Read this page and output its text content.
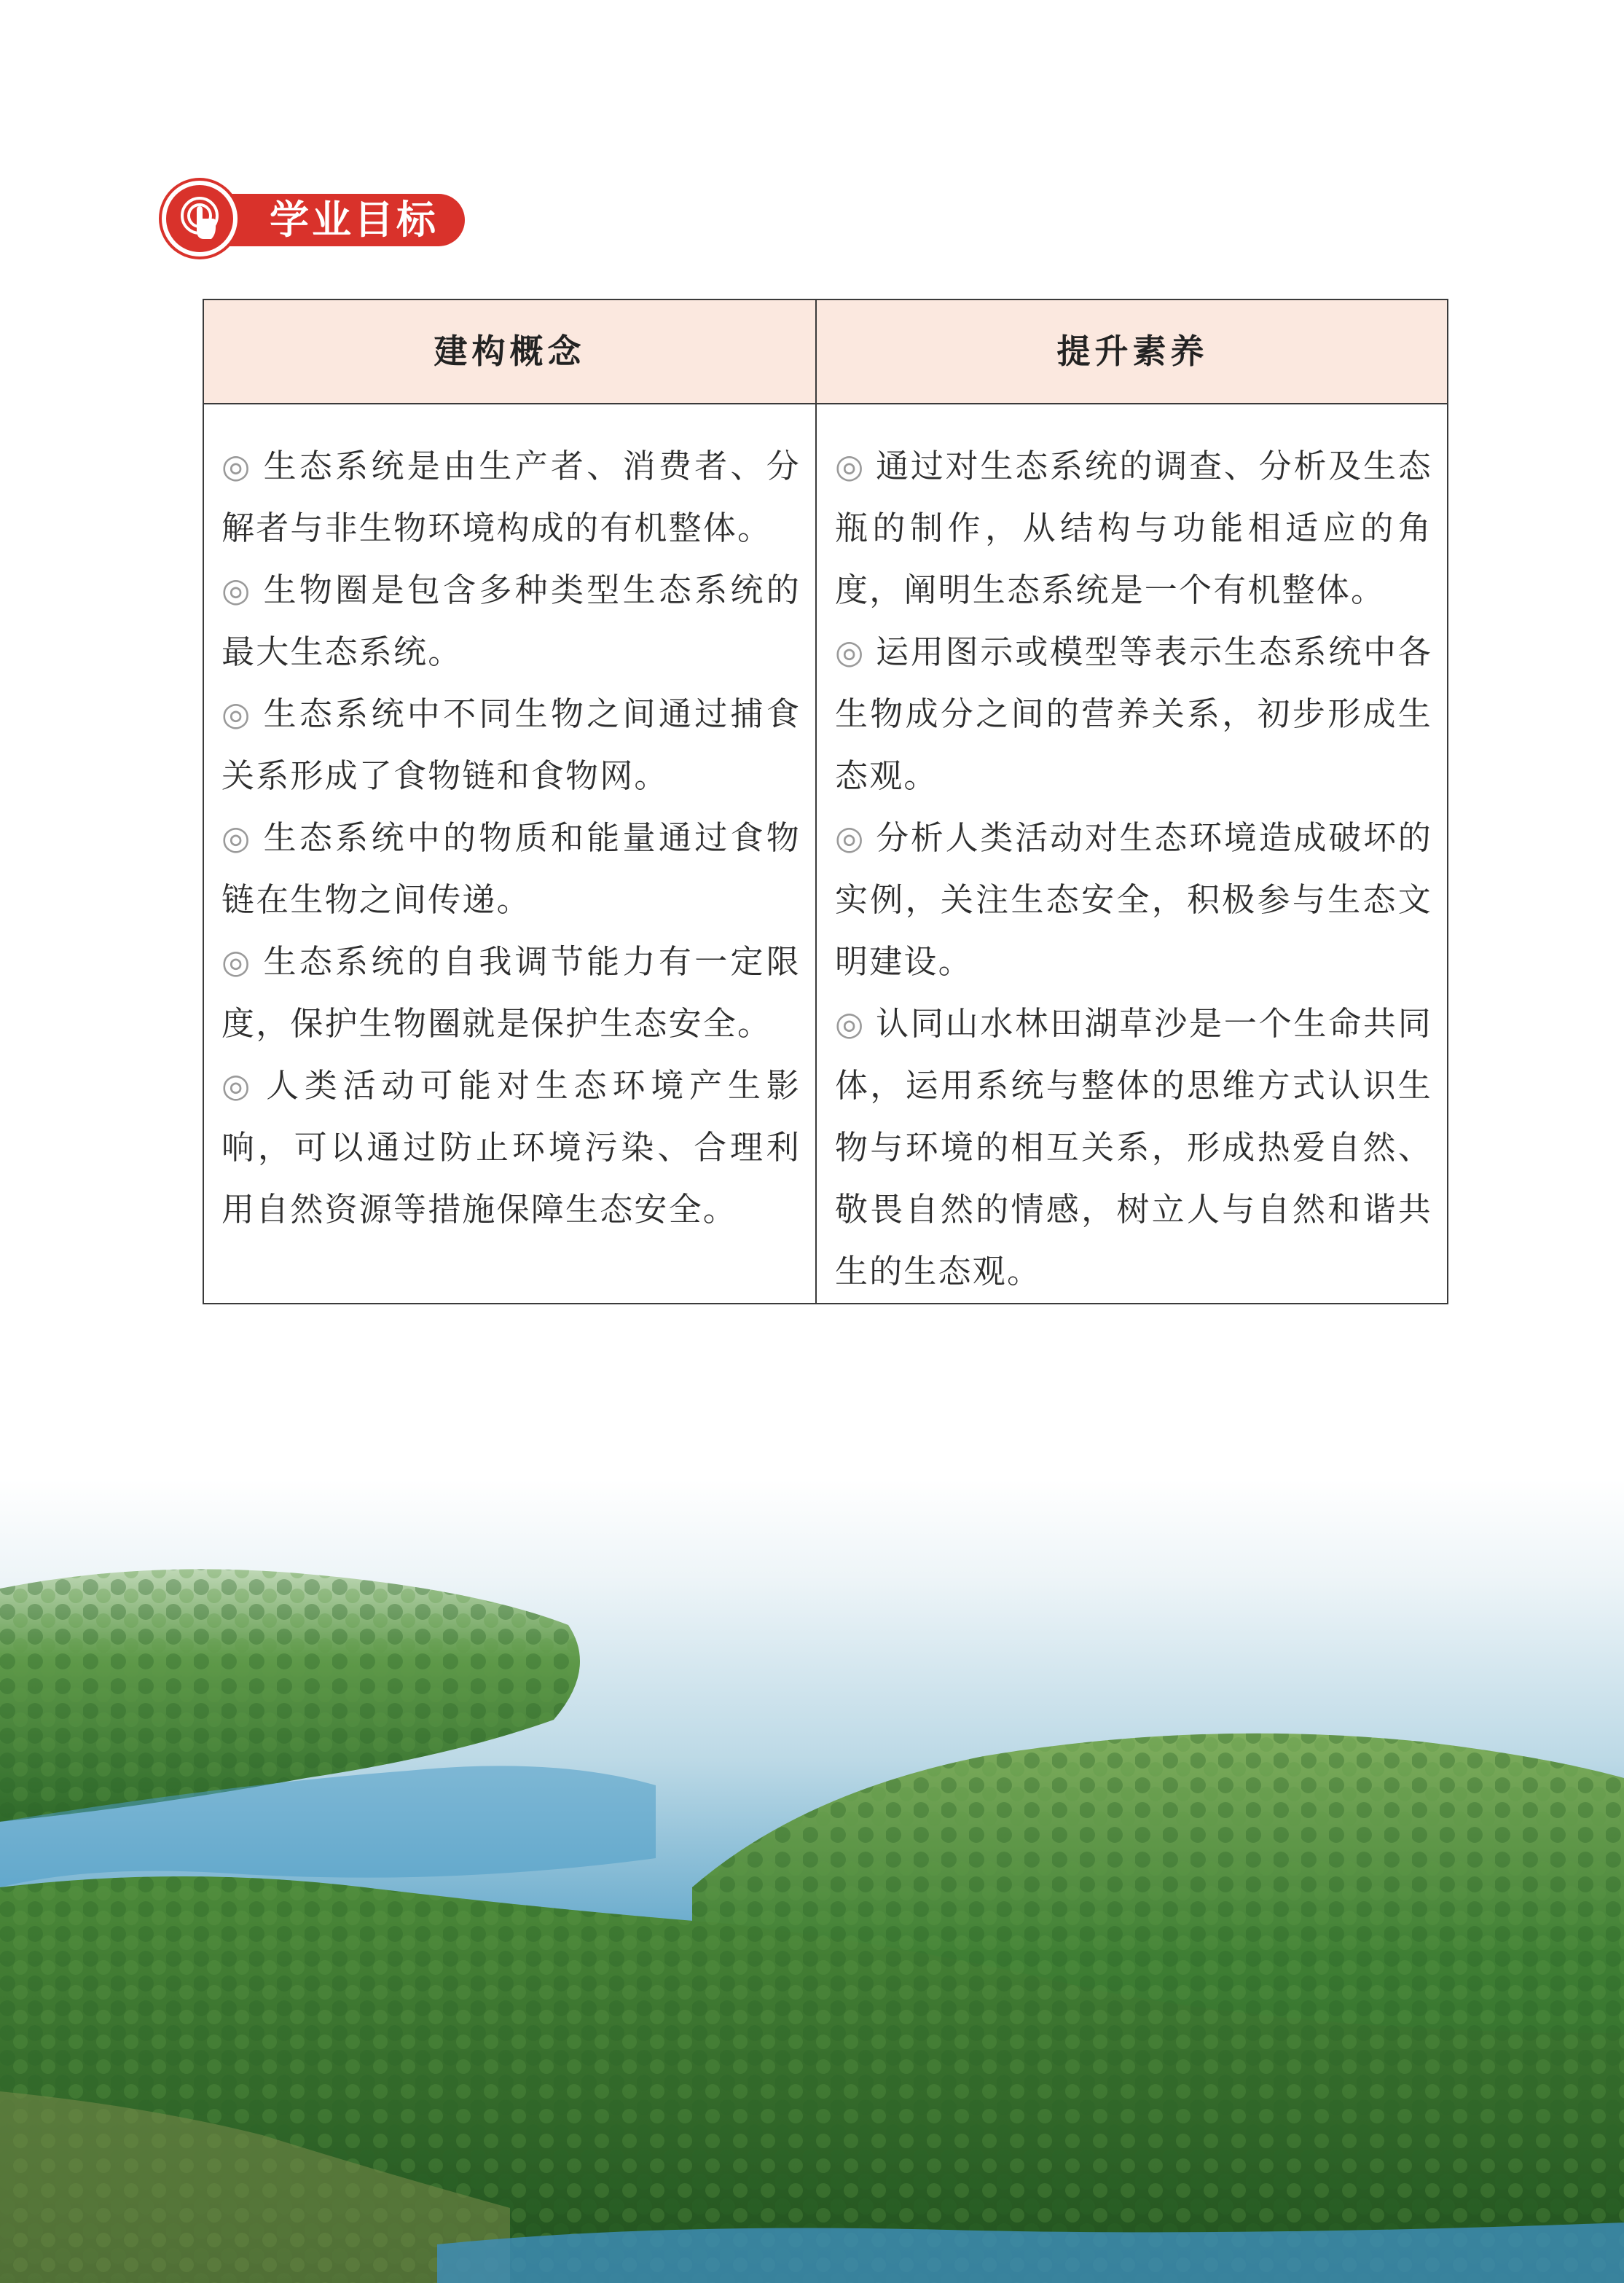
学业目标
建构概念	提升素养
◎ 生态系统是由生产者、消费者、分解者与非生物环境构成的有机整体。
◎ 生物圈是包含多种类型生态系统的最大生态系统。
◎ 生态系统中不同生物之间通过捕食关系形成了食物链和食物网。
◎ 生态系统中的物质和能量通过食物链在生物之间传递。
◎ 生态系统的自我调节能力有一定限度，保护生物圈就是保护生态安全。
◎ 人类活动可能对生态环境产生影响，可以通过防止环境污染、合理利用自然资源等措施保障生态安全。
◎ 通过对生态系统的调查、分析及生态瓶的制作，从结构与功能相适应的角度，阐明生态系统是一个有机整体。
◎ 运用图示或模型等表示生态系统中各生物成分之间的营养关系，初步形成生态观。
◎ 分析人类活动对生态环境造成破坏的实例，关注生态安全，积极参与生态文明建设。
◎ 认同山水林田湖草沙是一个生命共同体，运用系统与整体的思维方式认识生物与环境的相互关系，形成热爱自然、敬畏自然的情感，树立人与自然和谐共生的生态观。
